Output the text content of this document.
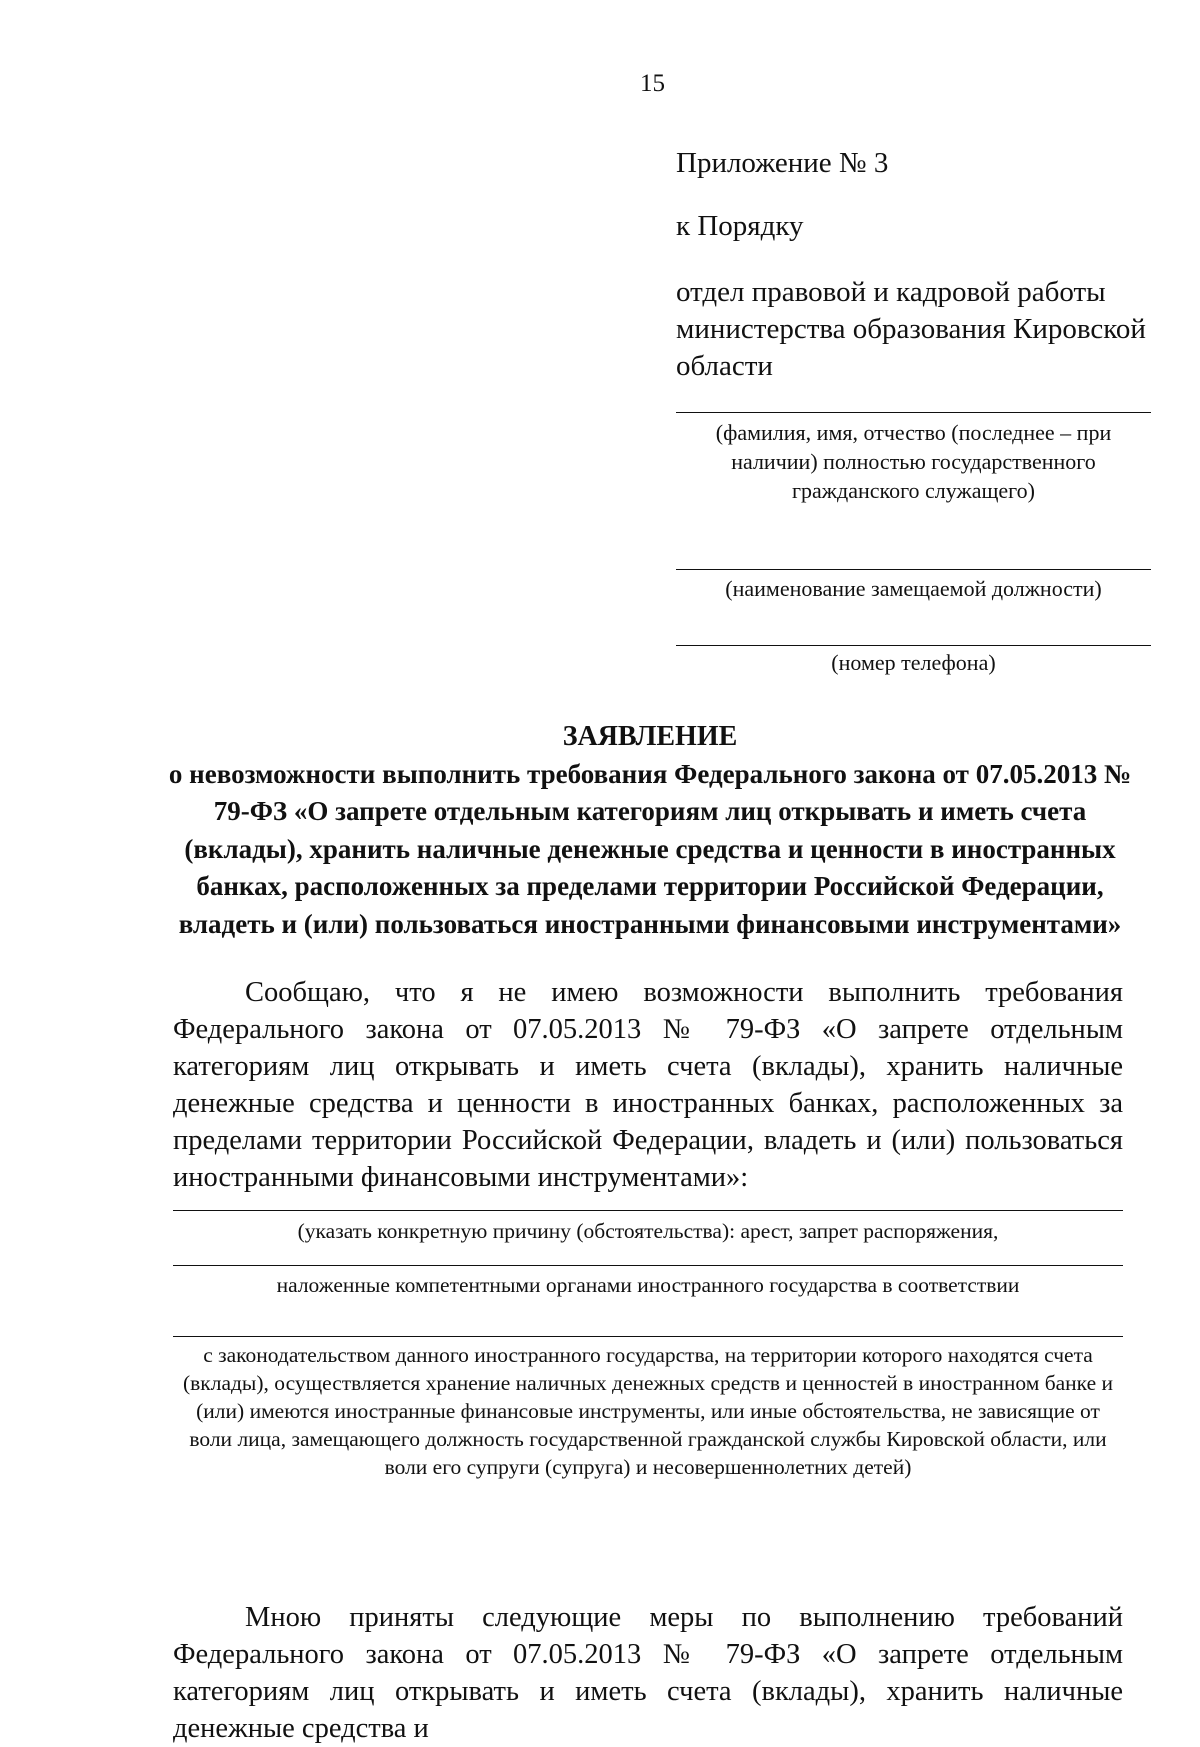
15
Приложение № 3
к Порядку
отдел правовой и кадровой работы министерства образования Кировской области
(фамилия, имя, отчество (последнее – при наличии) полностью государственного гражданского служащего)
(наименование замещаемой должности)
(номер телефона)
ЗАЯВЛЕНИЕ
о невозможности выполнить требования Федерального закона от 07.05.2013 № 79-ФЗ «О запрете отдельным категориям лиц открывать и иметь счета (вклады), хранить наличные денежные средства и ценности в иностранных банках, расположенных за пределами территории Российской Федерации, владеть и (или) пользоваться иностранными финансовыми инструментами»
Сообщаю, что я не имею возможности выполнить требования Федерального закона от 07.05.2013 № 79-ФЗ «О запрете отдельным категориям лиц открывать и иметь счета (вклады), хранить наличные денежные средства и ценности в иностранных банках, расположенных за пределами территории Российской Федерации, владеть и (или) пользоваться иностранными финансовыми инструментами»:
(указать конкретную причину (обстоятельства): арест, запрет распоряжения,
наложенные компетентными органами иностранного государства в соответствии
с законодательством данного иностранного государства, на территории которого находятся счета (вклады), осуществляется хранение наличных денежных средств и ценностей в иностранном банке и (или) имеются иностранные финансовые инструменты, или иные обстоятельства, не зависящие от воли лица, замещающего должность государственной гражданской службы Кировской области, или воли его супруги (супруга) и несовершеннолетних детей)
Мною приняты следующие меры по выполнению требований Федерального закона от 07.05.2013 № 79-ФЗ «О запрете отдельным категориям лиц открывать и иметь счета (вклады), хранить наличные денежные средства и
